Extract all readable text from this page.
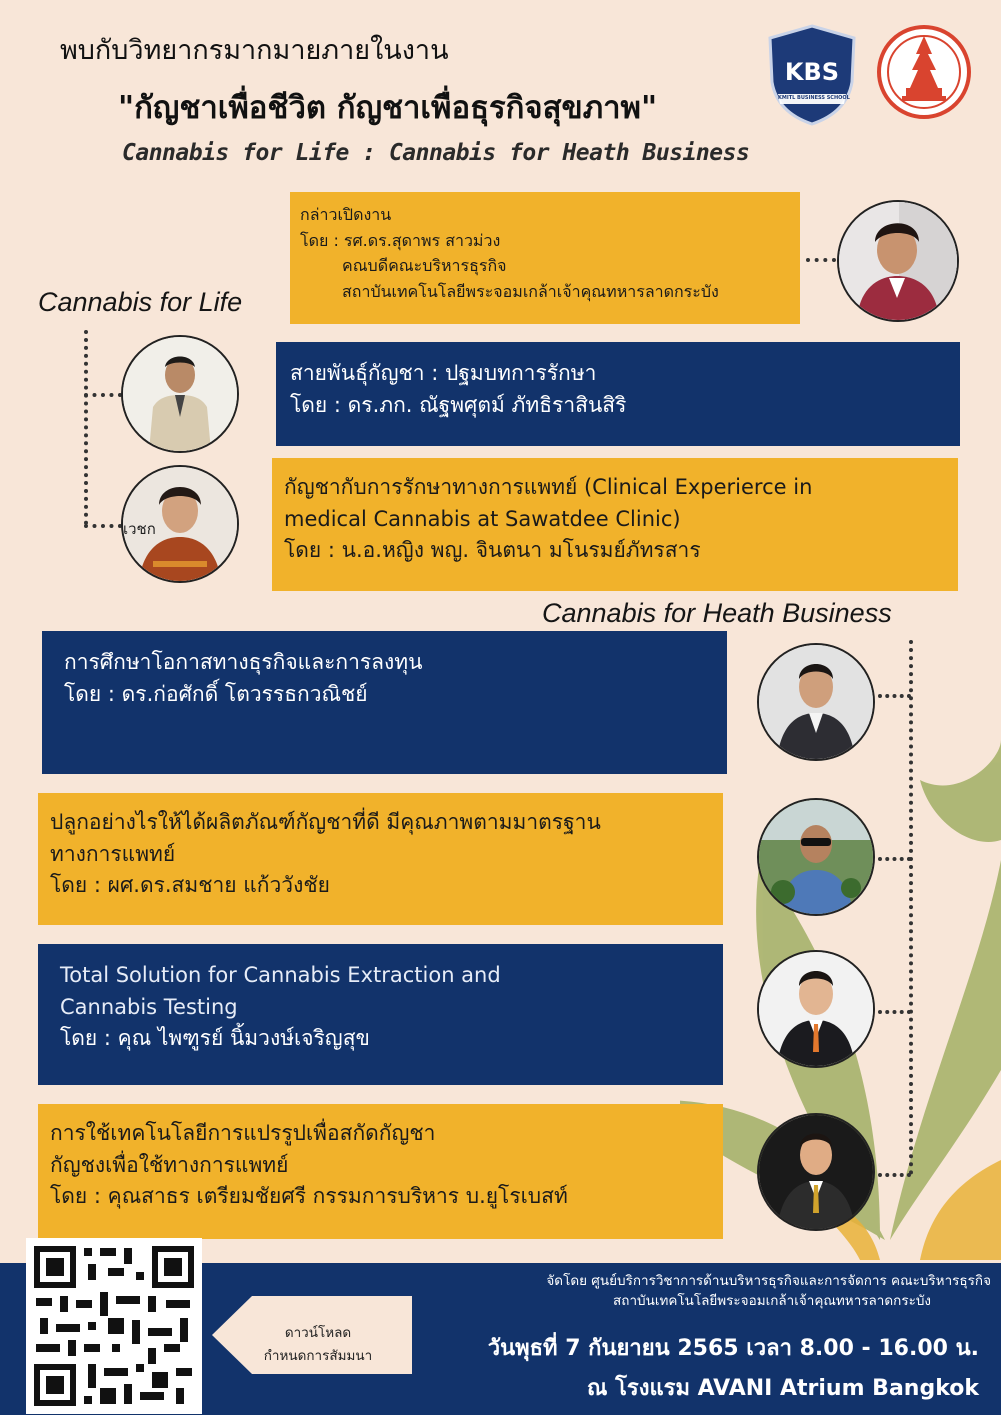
พบกับวิทยากรมากมายภายในงาน
"กัญชาเพื่อชีวิต กัญชาเพื่อธุรกิจสุขภาพ"
Cannabis for Life : Cannabis for Heath Business
KBS
KMITL BUSINESS SCHOOL
กล่าวเปิดงาน
โดย : รศ.ดร.สุดาพร สาวม่วง
คณบดีคณะบริหารธุรกิจ
สถาบันเทคโนโลยีพระจอมเกล้าเจ้าคุณทหารลาดกระบัง
Cannabis for Life
สายพันธุ์กัญชา : ปฐมบทการรักษา
โดย : ดร.ภก. ณัฐพศุตม์ ภัทธิราสินสิริ
เวชก
กัญชากับการรักษาทางการแพทย์ (Clinical Experierce in
medical Cannabis at Sawatdee Clinic)
โดย : น.อ.หญิง พญ. จินตนา มโนรมย์ภัทรสาร
Cannabis for Heath Business
การศึกษาโอกาสทางธุรกิจและการลงทุน
โดย : ดร.ก่อศักดิ์ โตวรรธกวณิชย์
ปลูกอย่างไรให้ได้ผลิตภัณฑ์กัญชาที่ดี มีคุณภาพตามมาตรฐาน
ทางการแพทย์
โดย : ผศ.ดร.สมชาย แก้ววังชัย
Total Solution for Cannabis Extraction and
Cannabis Testing
โดย : คุณ ไพฑูรย์ นิ้มวงษ์เจริญสุข
การใช้เทคโนโลยีการแปรรูปเพื่อสกัดกัญชา
กัญชงเพื่อใช้ทางการแพทย์
โดย : คุณสาธร เตรียมชัยศรี กรรมการบริหาร บ.ยูโรเบสท์
ดาวน์โหลด
กำหนดการสัมมนา
จัดโดย ศูนย์บริการวิชาการด้านบริหารธุรกิจและการจัดการ คณะบริหารธุรกิจ
สถาบันเทคโนโลยีพระจอมเกล้าเจ้าคุณทหารลาดกระบัง
วันพุธที่ 7 กันยายน 2565 เวลา 8.00 - 16.00 น.
ณ โรงแรม AVANI Atrium Bangkok
